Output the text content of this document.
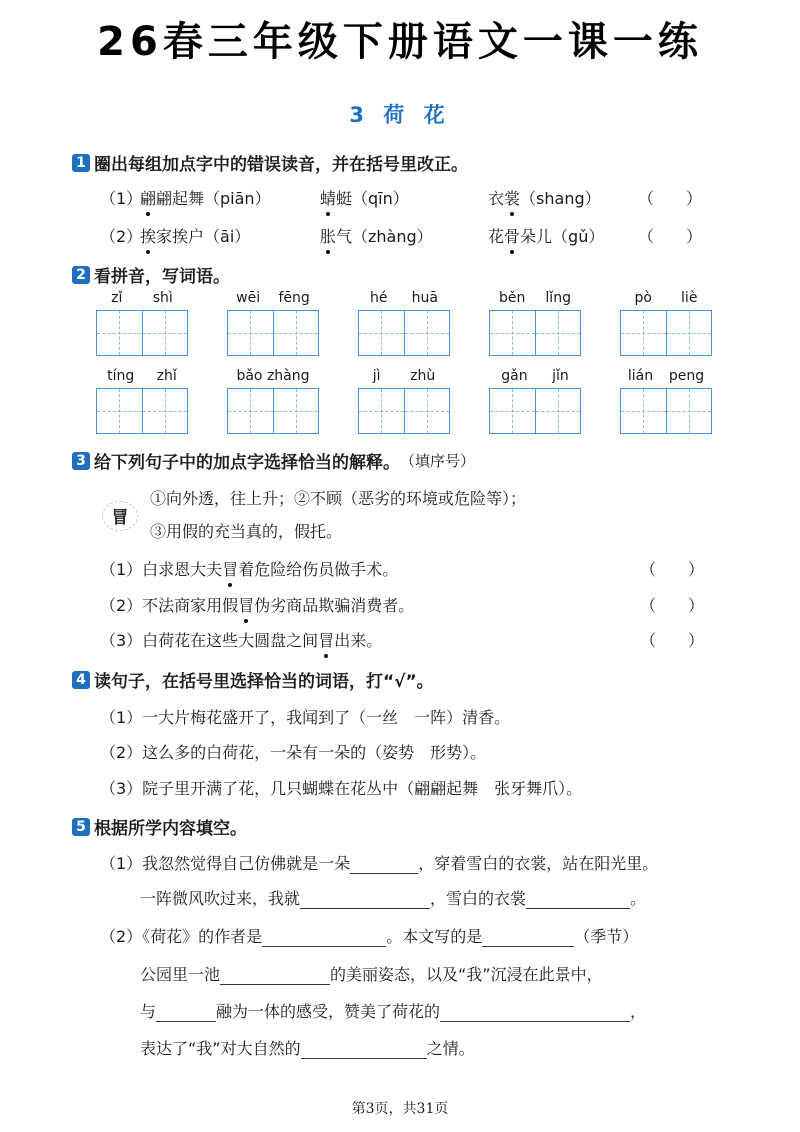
26春三年级下册语文一课一练
3 荷 花
1 圈出每组加点字中的错误读音，并在括号里改正。
（1）
翩翩起舞（piān）	蜻蜓（qīn）	衣裳（shang） （　　）
（2）
挨家挨户（āi）	胀气（zhàng）	花骨朵儿（gǔ） （　　）
2 看拼音，写词语。
zǐ shì	wēi fēng	hé huā	běn lǐng	pò liè
tíng zhǐ	bǎo zhàng	jì zhù	gǎn jǐn	lián peng
3 给下列句子中的加点字选择恰当的解释。 （填序号）
冒
①向外透，往上升；②不顾（恶劣的环境或危险等）；
③用假的充当真的，假托。
（1）白求恩大夫冒着危险给伤员做手术。	（　　）
（2）不法商家用假冒伪劣商品欺骗消费者。	（　　）
（3）白荷花在这些大圆盘之间冒出来。	（　　）
4 读句子，在括号里选择恰当的词语，打“√”。
（1）一大片梅花盛开了，我闻到了（一丝　一阵）清香。
（2）这么多的白荷花，一朵有一朵的（姿势　形势）。
（3）院子里开满了花，几只蝴蝶在花丛中（翩翩起舞　张牙舞爪）。
5 根据所学内容填空。
（1）我忽然觉得自己仿佛就是一朵	，穿着雪白的衣裳，站在阳光里。
一阵微风吹过来，我就	，雪白的衣裳	。
（2）《荷花》的作者是	。本文写的是	（季节）
公园里一池	的美丽姿态，以及“我”沉浸在此景中，
与	融为一体的感受，赞美了荷花的	，
表达了“我”对大自然的	之情。
第3页，共31页
